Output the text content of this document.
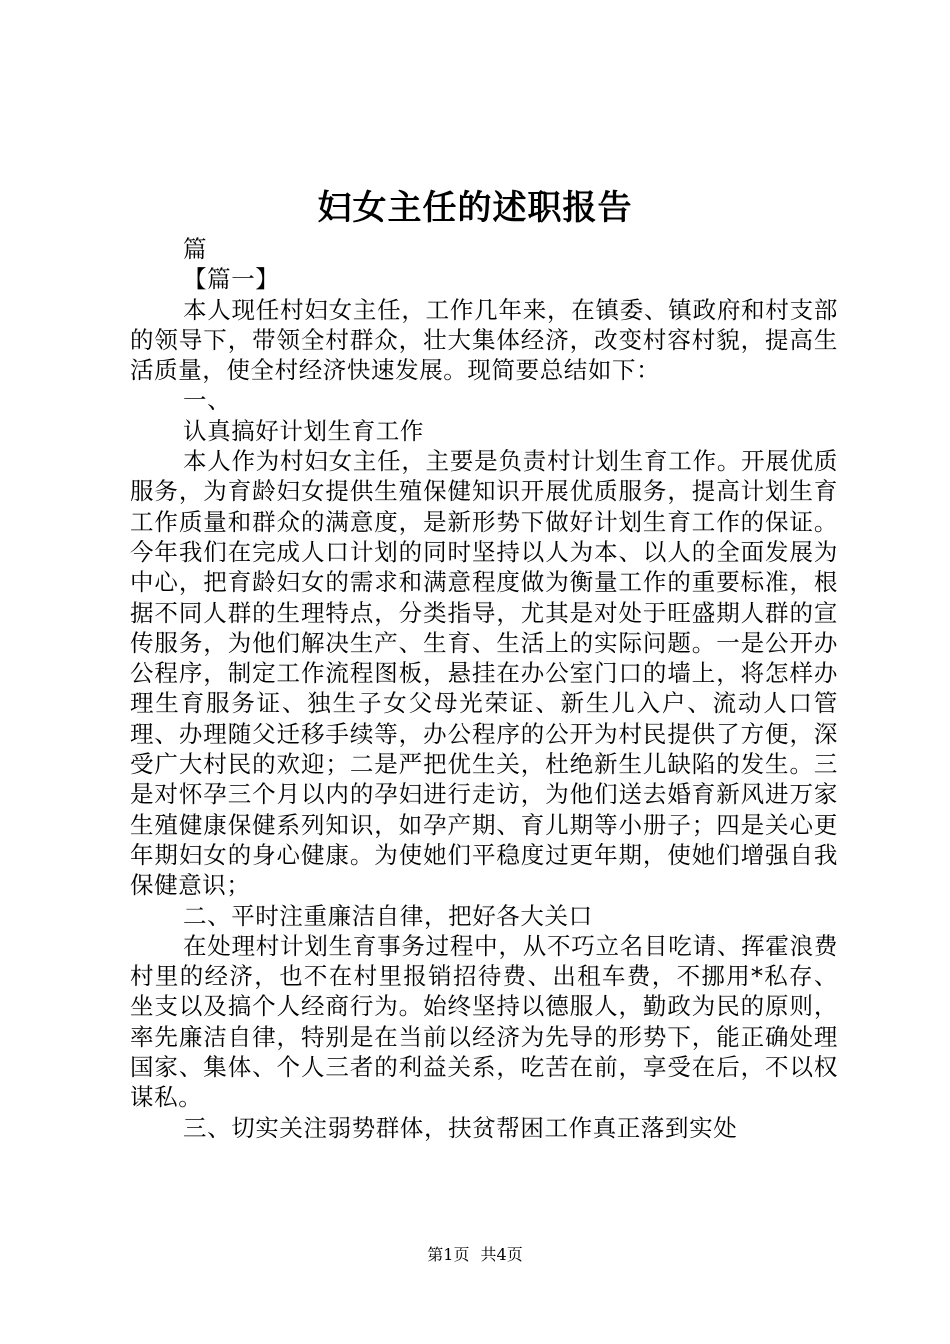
妇女主任的述职报告

篇

【篇一】

本人现任村妇女主任，工作几年来，在镇委、镇政府和村支部的领导下，带领全村群众，壮大集体经济，改变村容村貌，提高生活质量，使全村经济快速发展。现简要总结如下：

一、

认真搞好计划生育工作

本人作为村妇女主任，主要是负责村计划生育工作。开展优质服务，为育龄妇女提供生殖保健知识开展优质服务，提高计划生育工作质量和群众的满意度，是新形势下做好计划生育工作的保证。今年我们在完成人口计划的同时坚持以人为本、以人的全面发展为中心，把育龄妇女的需求和满意程度做为衡量工作的重要标准，根据不同人群的生理特点，分类指导，尤其是对处于旺盛期人群的宣传服务，为他们解决生产、生育、生活上的实际问题。一是公开办公程序，制定工作流程图板，悬挂在办公室门口的墙上，将怎样办理生育服务证、独生子女父母光荣证、新生儿入户、流动人口管理、办理随父迁移手续等，办公程序的公开为村民提供了方便，深受广大村民的欢迎；二是严把优生关，杜绝新生儿缺陷的发生。三是对怀孕三个月以内的孕妇进行走访，为他们送去婚育新风进万家生殖健康保健系列知识，如孕产期、育儿期等小册子；四是关心更年期妇女的身心健康。为使她们平稳度过更年期，使她们增强自我保健意识；

二、平时注重廉洁自律，把好各大关口

在处理村计划生育事务过程中，从不巧立名目吃请、挥霍浪费村里的经济，也不在村里报销招待费、出租车费，不挪用*私存、坐支以及搞个人经商行为。始终坚持以德服人，勤政为民的原则，率先廉洁自律，特别是在当前以经济为先导的形势下，能正确处理国家、集体、个人三者的利益关系，吃苦在前，享受在后，不以权谋私。

三、切实关注弱势群体，扶贫帮困工作真正落到实处

第1页 共4页
